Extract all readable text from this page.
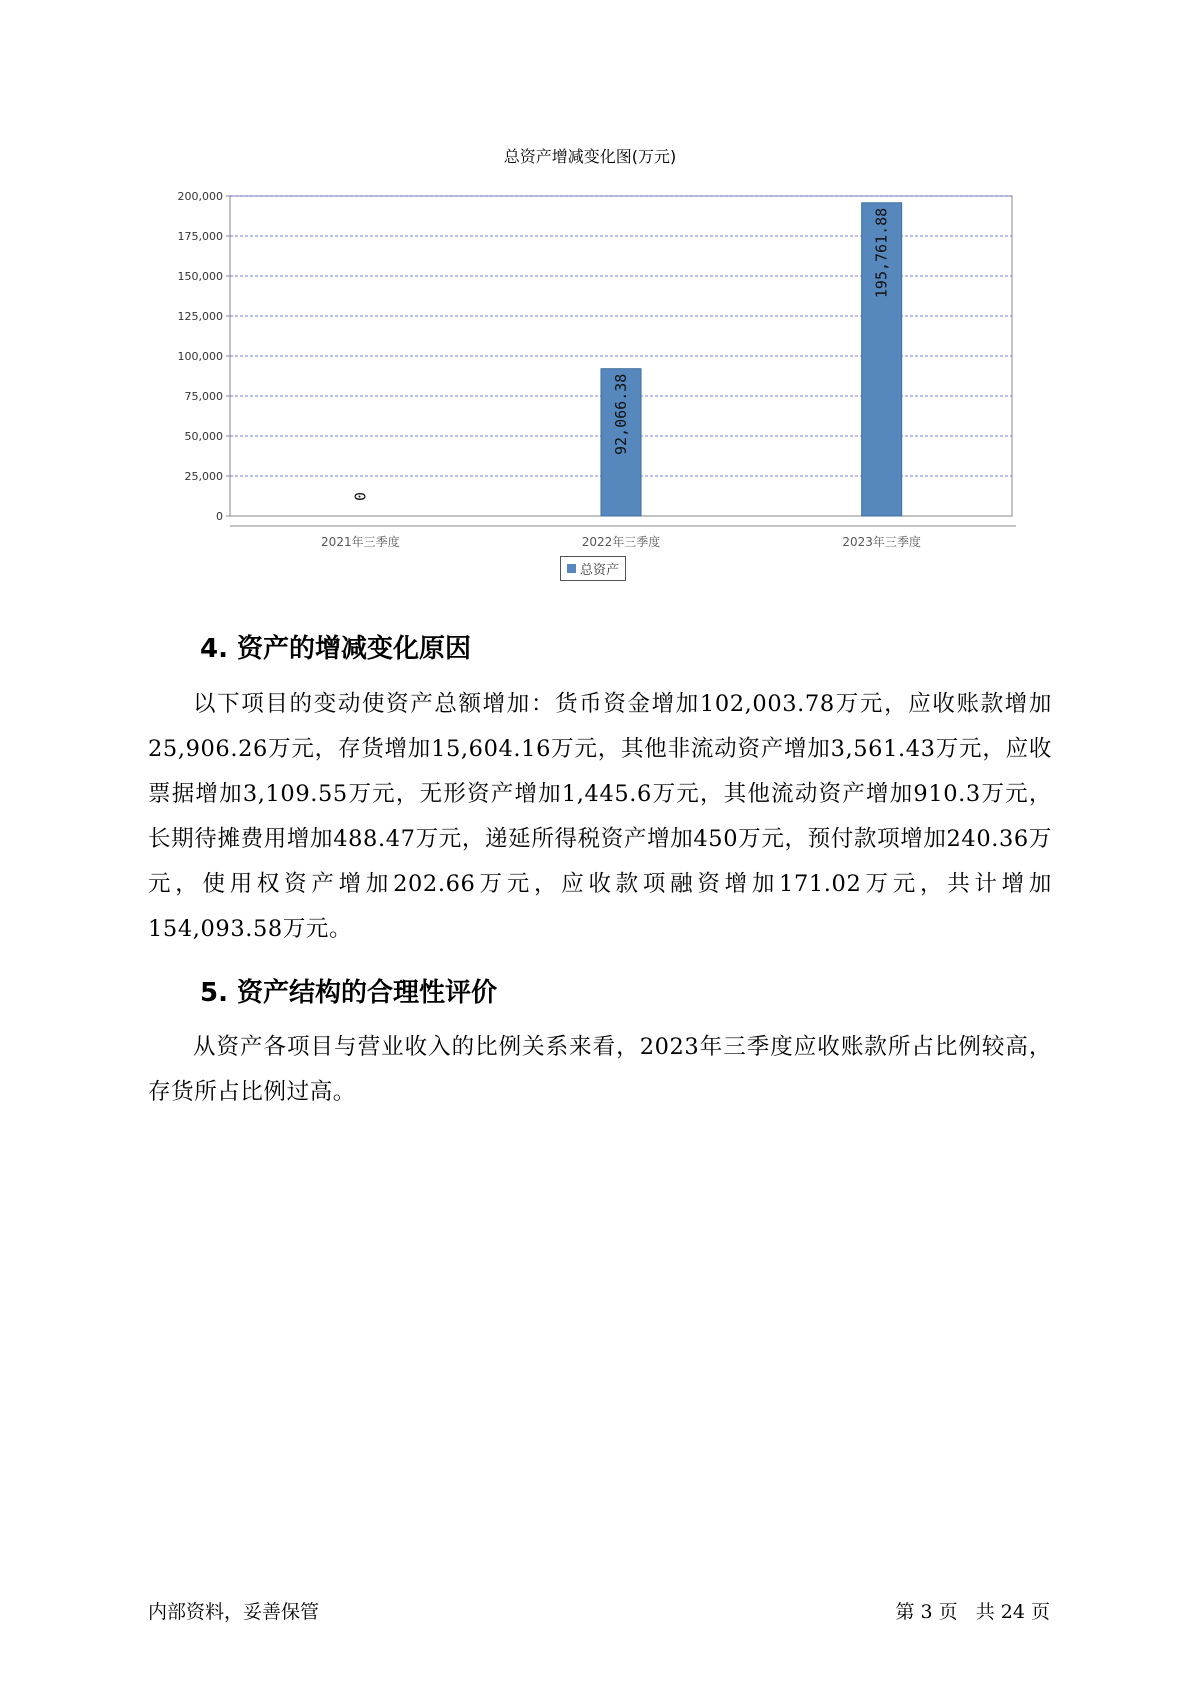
总资产增减变化图(万元)
0
25,000
50,000
75,000
100,000
125,000
150,000
175,000
200,000
0
2021年三季度
92,066.38
2022年三季度
195,761.88
2023年三季度
总资产
4. 资产的增减变化原因

以下项目的变动使资产总额增加：货币资金增加102,003.78万元，应收账款增加25,906.26万元，存货增加15,604.16万元，其他非流动资产增加3,561.43万元，应收票据增加3,109.55万元，无形资产增加1,445.6万元，其他流动资产增加910.3万元，长期待摊费用增加488.47万元，递延所得税资产增加450万元，预付款项增加240.36万元，使用权资产增加202.66万元，应收款项融资增加171.02万元，共计增加154,093.58万元。

5. 资产结构的合理性评价

从资产各项目与营业收入的比例关系来看，2023年三季度应收账款所占比例较高，存货所占比例过高。

内部资料，妥善保管	第 3 页   共 24 页
